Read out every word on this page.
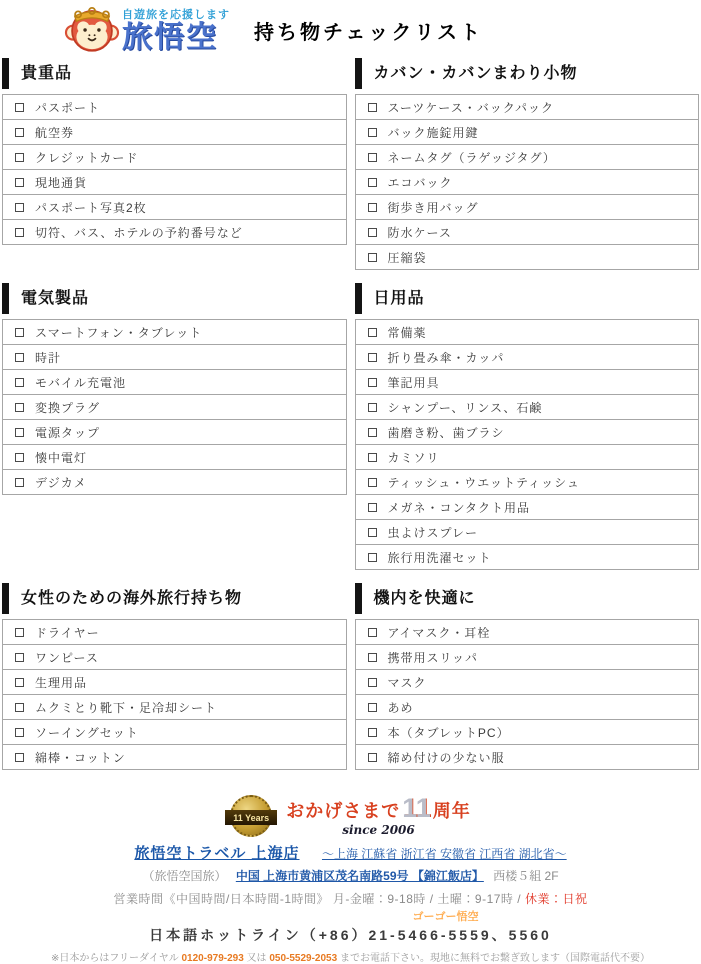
自遊旅を応援します
旅悟空	持ち物チェックリスト
貴重品
パスポート
航空券
クレジットカード
現地通貨
パスポート写真2枚
切符、バス、ホテルの予約番号など
カバン・カバンまわり小物
スーツケース・バックパック
バック施錠用鍵
ネームタグ（ラゲッジタグ）
エコバック
街歩き用バッグ
防水ケース
圧縮袋
電気製品
スマートフォン・タブレット
時計
モバイル充電池
変換プラグ
電源タップ
懐中電灯
デジカメ
日用品
常備薬
折り畳み傘・カッパ
筆記用具
シャンプー、リンス、石鹸
歯磨き粉、歯ブラシ
カミソリ
ティッシュ・ウエットティッシュ
メガネ・コンタクト用品
虫よけスプレー
旅行用洗濯セット
女性のための海外旅行持ち物
ドライヤー
ワンピース
生理用品
ムクミとり靴下・足冷却シート
ソーイングセット
綿棒・コットン
機内を快適に
アイマスク・耳栓
携帯用スリッパ
マスク
あめ
本（タブレットPC）
締め付けの少ない服
11 Years おかげさまで 11 周年
since 2006
旅悟空トラベル 上海店 ～上海 江蘇省 浙江省 安徽省 江西省 湖北省～
（旅悟空国旅） 中国 上海市黄浦区茂名南路59号 【錦江飯店】 西楼５組 2F
営業時間《中国時間/日本時間-1時間》 月-金曜：9-18時 / 土曜：9-17時 / 休業：日祝
ゴーゴー悟空
日本語ホットライン（+86）21-5466-5559、5560
※日本からはフリーダイヤル 0120-979-293 又は 050-5529-2053 までお電話下さい。現地に無料でお繋ぎ致します（国際電話代不要）
